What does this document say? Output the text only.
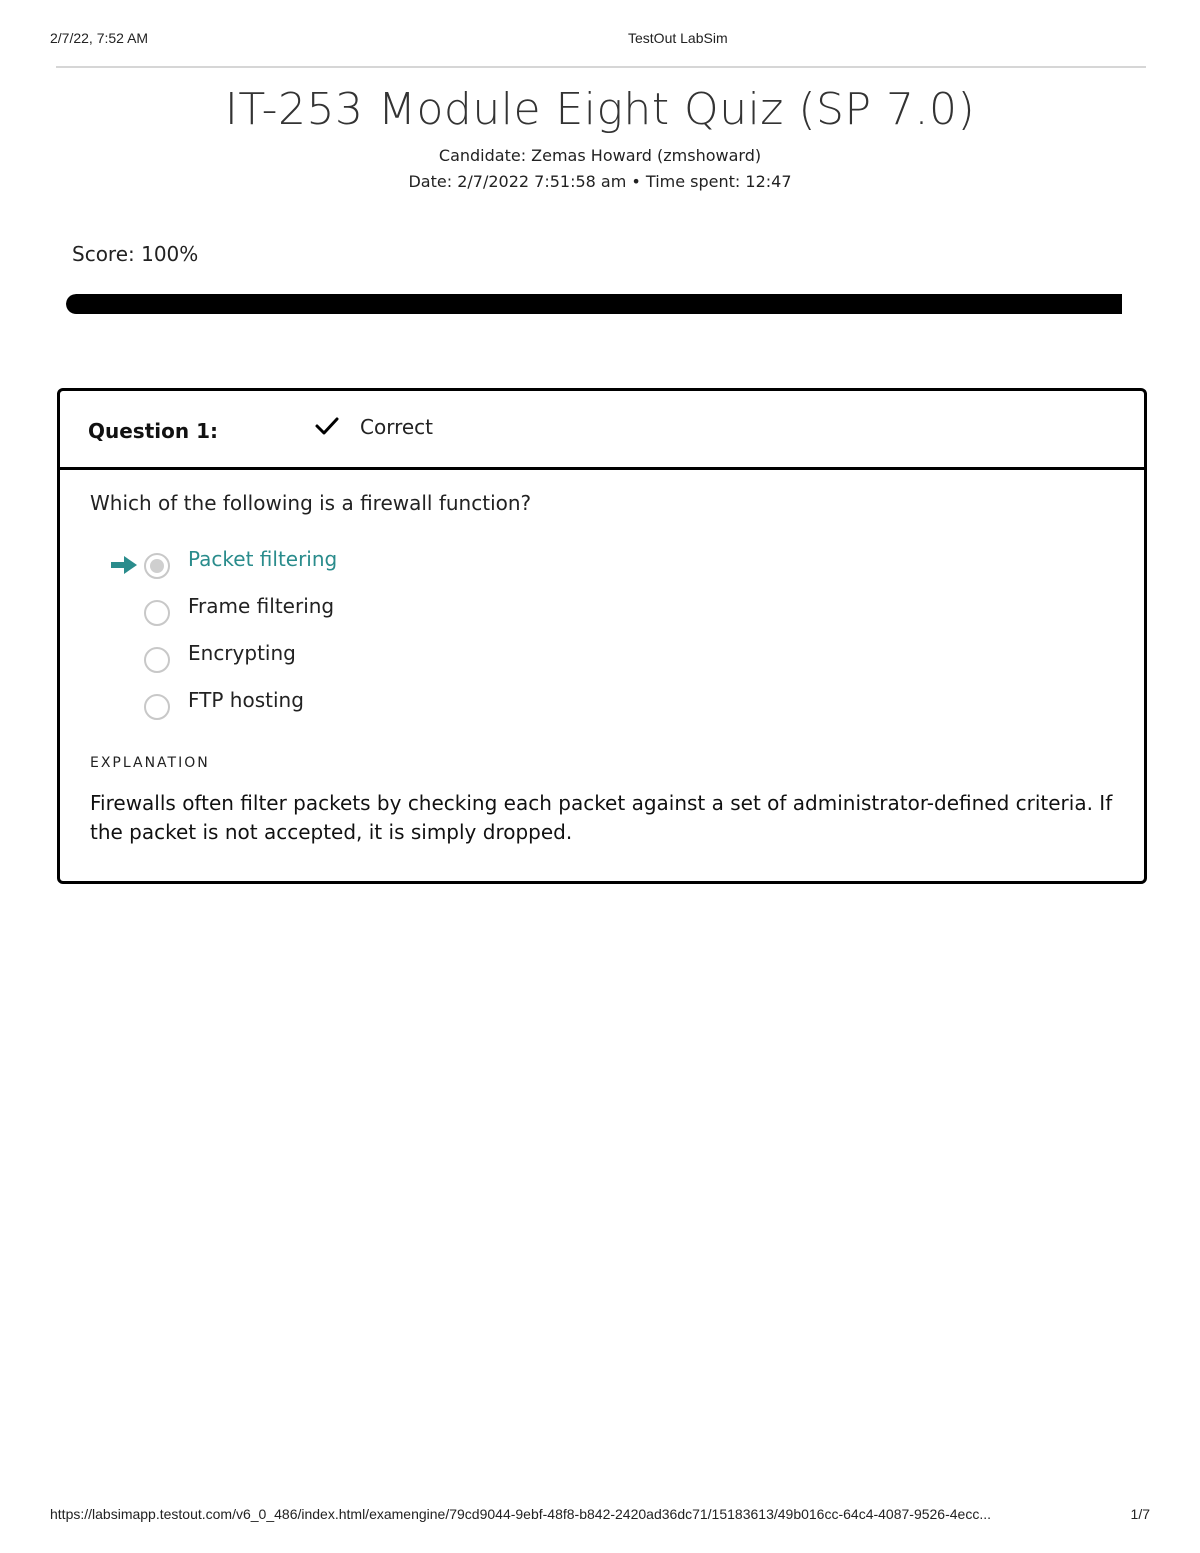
2/7/22, 7:52 AM	TestOut LabSim
IT-253 Module Eight Quiz (SP 7.0)
Candidate: Zemas Howard (zmshoward)
Date: 2/7/2022 7:51:58 am • Time spent: 12:47
Score: 100%
Question 1:	Correct
Which of the following is a firewall function?
Packet filtering
Frame filtering
Encrypting
FTP hosting
EXPLANATION
Firewalls often filter packets by checking each packet against a set of administrator-defined criteria. If the packet is not accepted, it is simply dropped.
https://labsimapp.testout.com/v6_0_486/index.html/examengine/79cd9044-9ebf-48f8-b842-2420ad36dc71/15183613/49b016cc-64c4-4087-9526-4ecc...	1/7
